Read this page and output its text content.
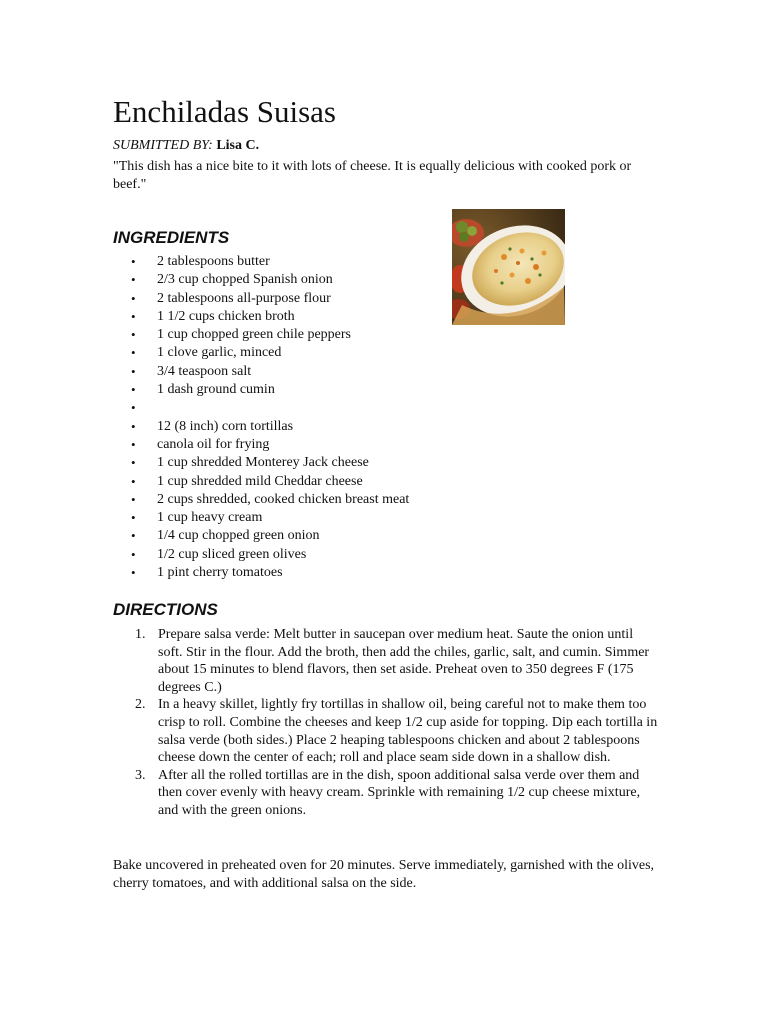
Enchiladas Suisas
SUBMITTED BY: Lisa C.
"This dish has a nice bite to it with lots of cheese. It is equally delicious with cooked pork or beef."
INGREDIENTS
• 2 tablespoons butter
• 2/3 cup chopped Spanish onion
• 2 tablespoons all-purpose flour
• 1 1/2 cups chicken broth
• 1 cup chopped green chile peppers
• 1 clove garlic, minced
• 3/4 teaspoon salt
• 1 dash ground cumin
•
• 12 (8 inch) corn tortillas
• canola oil for frying
• 1 cup shredded Monterey Jack cheese
• 1 cup shredded mild Cheddar cheese
• 2 cups shredded, cooked chicken breast meat
• 1 cup heavy cream
• 1/4 cup chopped green onion
• 1/2 cup sliced green olives
• 1 pint cherry tomatoes
DIRECTIONS
1. Prepare salsa verde: Melt butter in saucepan over medium heat. Saute the onion until soft. Stir in the flour. Add the broth, then add the chiles, garlic, salt, and cumin. Simmer about 15 minutes to blend flavors, then set aside. Preheat oven to 350 degrees F (175 degrees C.)
2. In a heavy skillet, lightly fry tortillas in shallow oil, being careful not to make them too crisp to roll. Combine the cheeses and keep 1/2 cup aside for topping. Dip each tortilla in salsa verde (both sides.) Place 2 heaping tablespoons chicken and about 2 tablespoons cheese down the center of each; roll and place seam side down in a shallow dish.
3. After all the rolled tortillas are in the dish, spoon additional salsa verde over them and then cover evenly with heavy cream. Sprinkle with remaining 1/2 cup cheese mixture, and with the green onions.
Bake uncovered in preheated oven for 20 minutes. Serve immediately, garnished with the olives, cherry tomatoes, and with additional salsa on the side.
